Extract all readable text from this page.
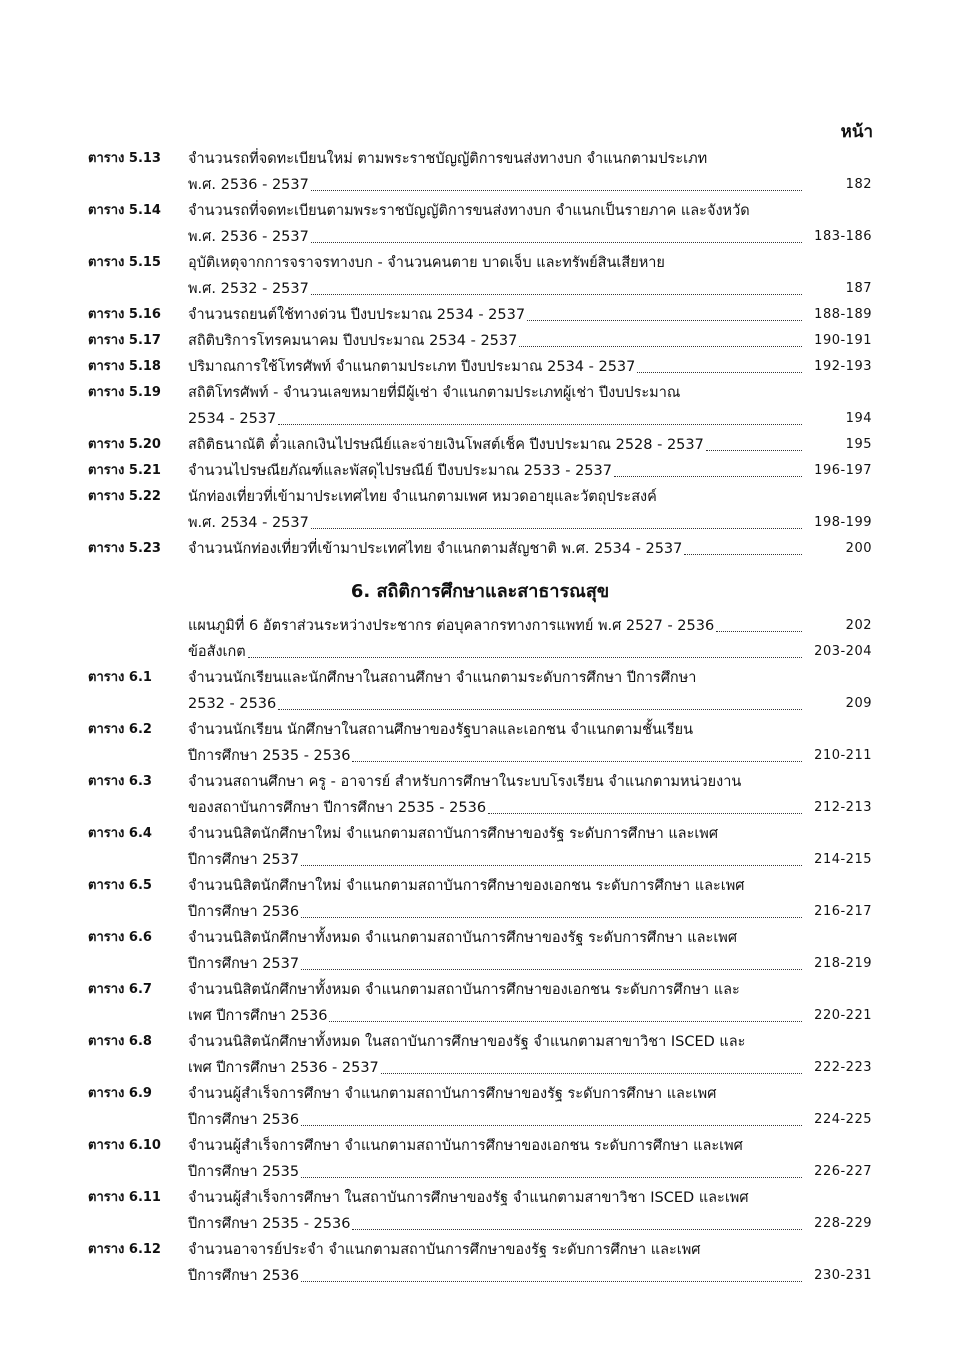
หน้า
ตาราง 5.13	จำนวนรถที่จดทะเบียนใหม่ ตามพระราชบัญญัติการขนส่งทางบก จำแนกตามประเภท
พ.ศ. 2536 - 2537	182
ตาราง 5.14	จำนวนรถที่จดทะเบียนตามพระราชบัญญัติการขนส่งทางบก จำแนกเป็นรายภาค และจังหวัด
พ.ศ. 2536 - 2537	183-186
ตาราง 5.15	อุบัติเหตุจากการจราจรทางบก - จำนวนคนตาย บาดเจ็บ และทรัพย์สินเสียหาย
พ.ศ. 2532 - 2537	187
ตาราง 5.16	จำนวนรถยนต์ใช้ทางด่วน ปีงบประมาณ 2534 - 2537	188-189
ตาราง 5.17	สถิติบริการโทรคมนาคม ปีงบประมาณ 2534 - 2537	190-191
ตาราง 5.18	ปริมาณการใช้โทรศัพท์ จำแนกตามประเภท ปีงบประมาณ 2534 - 2537	192-193
ตาราง 5.19	สถิติโทรศัพท์ - จำนวนเลขหมายที่มีผู้เช่า จำแนกตามประเภทผู้เช่า ปีงบประมาณ
2534 - 2537	194
ตาราง 5.20	สถิติธนาณัติ ตั๋วแลกเงินไปรษณีย์และจ่ายเงินโพสต์เช็ค ปีงบประมาณ 2528 - 2537	195
ตาราง 5.21	จำนวนไปรษณียภัณฑ์และพัสดุไปรษณีย์ ปีงบประมาณ 2533 - 2537	196-197
ตาราง 5.22	นักท่องเที่ยวที่เข้ามาประเทศไทย จำแนกตามเพศ หมวดอายุและวัตถุประสงค์
พ.ศ. 2534 - 2537	198-199
ตาราง 5.23	จำนวนนักท่องเที่ยวที่เข้ามาประเทศไทย จำแนกตามสัญชาติ พ.ศ. 2534 - 2537	200
6. สถิติการศึกษาและสาธารณสุข
แผนภูมิที่ 6 อัตราส่วนระหว่างประชากร ต่อบุคลากรทางการแพทย์ พ.ศ 2527 - 2536	202
ข้อสังเกต	203-204
ตาราง 6.1	จำนวนนักเรียนและนักศึกษาในสถานศึกษา จำแนกตามระดับการศึกษา ปีการศึกษา
2532 - 2536	209
ตาราง 6.2	จำนวนนักเรียน นักศึกษาในสถานศึกษาของรัฐบาลและเอกชน จำแนกตามชั้นเรียน
ปีการศึกษา 2535 - 2536	210-211
ตาราง 6.3	จำนวนสถานศึกษา ครู - อาจารย์ สำหรับการศึกษาในระบบโรงเรียน จำแนกตามหน่วยงาน
ของสถาบันการศึกษา ปีการศึกษา 2535 - 2536	212-213
ตาราง 6.4	จำนวนนิสิตนักศึกษาใหม่ จำแนกตามสถาบันการศึกษาของรัฐ ระดับการศึกษา และเพศ
ปีการศึกษา 2537	214-215
ตาราง 6.5	จำนวนนิสิตนักศึกษาใหม่ จำแนกตามสถาบันการศึกษาของเอกชน ระดับการศึกษา และเพศ
ปีการศึกษา 2536	216-217
ตาราง 6.6	จำนวนนิสิตนักศึกษาทั้งหมด จำแนกตามสถาบันการศึกษาของรัฐ ระดับการศึกษา และเพศ
ปีการศึกษา 2537	218-219
ตาราง 6.7	จำนวนนิสิตนักศึกษาทั้งหมด จำแนกตามสถาบันการศึกษาของเอกชน ระดับการศึกษา และ
เพศ ปีการศึกษา 2536	220-221
ตาราง 6.8	จำนวนนิสิตนักศึกษาทั้งหมด ในสถาบันการศึกษาของรัฐ จำแนกตามสาขาวิชา ISCED และ
เพศ ปีการศึกษา 2536 - 2537	222-223
ตาราง 6.9	จำนวนผู้สำเร็จการศึกษา จำแนกตามสถาบันการศึกษาของรัฐ ระดับการศึกษา และเพศ
ปีการศึกษา 2536	224-225
ตาราง 6.10	จำนวนผู้สำเร็จการศึกษา จำแนกตามสถาบันการศึกษาของเอกชน ระดับการศึกษา และเพศ
ปีการศึกษา 2535	226-227
ตาราง 6.11	จำนวนผู้สำเร็จการศึกษา ในสถาบันการศึกษาของรัฐ จำแนกตามสาขาวิชา ISCED และเพศ
ปีการศึกษา 2535 - 2536	228-229
ตาราง 6.12	จำนวนอาจารย์ประจำ จำแนกตามสถาบันการศึกษาของรัฐ ระดับการศึกษา และเพศ
ปีการศึกษา 2536	230-231
